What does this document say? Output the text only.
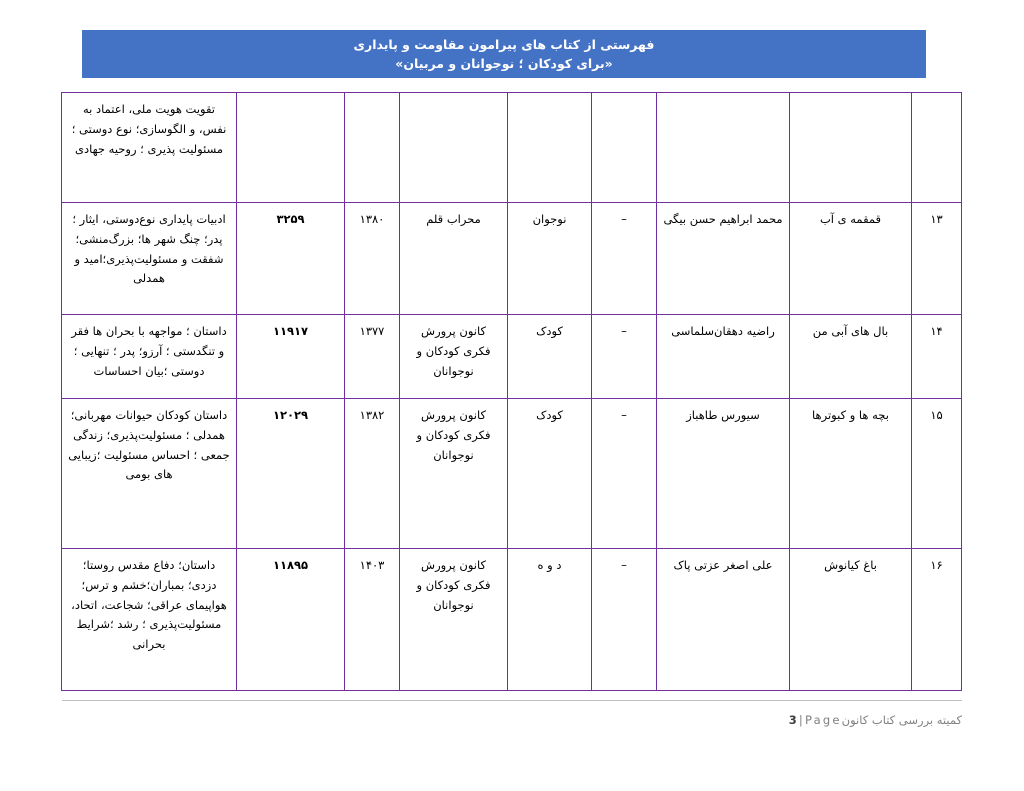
فهرستی از کتاب های پیرامون مقاومت و پایداری
«برای کودکان ؛ نوجوانان و مربیان»
								تقویت هویت ملی، اعتماد به نفس، و الگوسازی؛ نوع دوستی ؛مسئولیت پذیری ؛ روحیه جهادی
۱۳	قمقمه ی آب	محمد ابراهیم حسن بیگی	–	نوجوان	محراب قلم	۱۳۸۰	۳۲۵۹	ادبیات پایداری نوع‌دوستی، ایثار ؛ پدر؛ چنگ شهر ها؛ بزرگ‌منشی؛ شفقت و مسئولیت‌پذیری؛امید و همدلی
۱۴	بال های آبی من	راضیه دهقان‌سلماسی	–	کودک	کانون پرورش فکری کودکان و نوجوانان	۱۳۷۷	۱۱۹۱۷	داستان ؛ مواجهه با بحران ها فقر و تنگدستی ؛ آرزو؛ پدر ؛ تنهایی ؛دوستی ؛بیان احساسات
۱۵	بچه ها و کبوترها	سیورس طاهباز	–	کودک	کانون پرورش فکری کودکان و نوجوانان	۱۳۸۲	۱۲۰۲۹	داستان کودکان حیوانات مهربانی؛ همدلی ؛ مسئولیت‌پذیری؛ زندگی جمعی ؛ احساس مسئولیت ؛زیبایی های بومی
۱۶	باغ کیانوش	علی اصغر عزتی پاک	–	د و ه	کانون پرورش فکری کودکان و نوجوانان	۱۴۰۳	۱۱۸۹۵	داستان؛ دفاع مقدس روستا؛ دزدی؛ بمباران؛خشم و ترس؛ هواپیمای عراقی؛ شجاعت، اتحاد، مسئولیت‌پذیری ؛ رشد ؛شرایط بحرانی
کمیته بررسی کتاب کانون
3|Page
